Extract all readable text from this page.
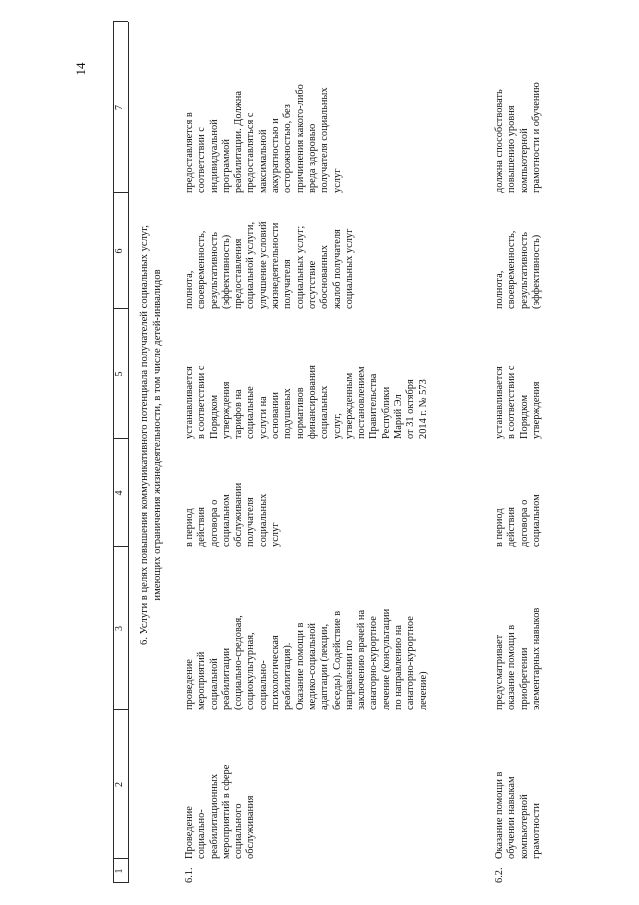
14
1
2
3
4
5
6
7
6. Услуги в целях повышения коммуникативного потенциала получателей социальных услуг,
имеющих ограничения жизнедеятельности, в том числе детей-инвалидов
6.1.
Проведение
социально-
реабилитационных
мероприятий в сфере
социального
обслуживания
проведение
мероприятий
социальной
реабилитации
(социально-средовая,
социокультурная,
социально-
психологическая
реабилитация).
Оказание помощи в
медико-социальной
адаптации (лекции,
беседы). Содействие в
направлении по
заключению врачей на
санаторно-курортное
лечение (консультации
по направлению на
санаторно-курортное
лечение)
в период
действия
договора о
социальном
обслуживании
получателя
социальных
услуг
устанавливается
в соответствии с
Порядком
утверждения
тарифов на
социальные
услуги на
основании
подушевых
нормативов
финансирования
социальных
услуг,
утвержденным
постановлением
Правительства
Республики
Марий Эл
от 31 октября
2014 г. № 573
полнота,
своевременность,
результативность
(эффективность)
предоставления
социальной услуги,
улучшение условий
жизнедеятельности
получателя
социальных услуг;
отсутствие
обоснованных
жалоб получателя
социальных услуг
предоставляется в
соответствии с
индивидуальной
программой
реабилитации. Должна
предоставляться с
максимальной
аккуратностью и
осторожностью, без
причинения какого-либо
вреда здоровью
получателя социальных
услуг
6.2.
Оказание помощи в
обучении навыкам
компьютерной
грамотности
предусматривает
оказание помощи в
приобретении
элементарных навыков
в период
действия
договора о
социальном
устанавливается
в соответствии с
Порядком
утверждения
полнота,
своевременность,
результативность
(эффективность)
должна способствовать
повышению уровня
компьютерной
грамотности и обучению
